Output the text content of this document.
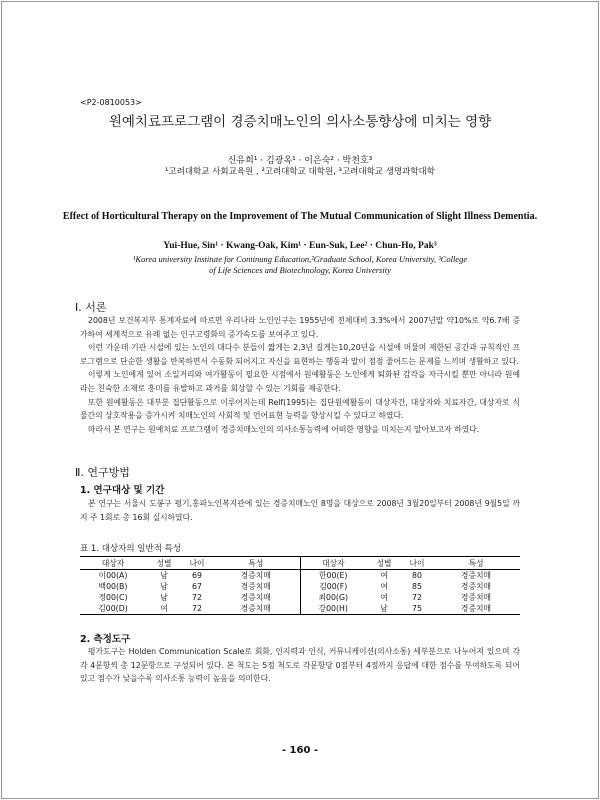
<P2-0810053>
원예치료프로그램이 경증치매노인의 의사소통향상에 미치는 영향
신유희¹ · 김광옥¹ · 이은숙² · 박천호³
¹고려대학교 사회교육원 , ²고려대학교 대학원, ³고려대학교 생명과학대학
Effect of Horticultural Therapy on the Improvement of The Mutual Communication of Slight Illness Dementia.
Yui-Hue, Sin¹ · Kwang-Oak, Kim¹ · Eun-Suk, Lee² · Chun-Ho, Pak³
¹Korea university Institute for Continung Education,²Graduate School, Korea University, ³College of Life Sciences and Biotechnology, Korea University
Ⅰ. 서론
2008년 보건복지부 통계자료에 따르면 우리나라 노인인구는 1955년에 전체대비 3.3%에서 2007년말 약10%로 약6.7배 증가하여 세계적으로 유례 없는 인구고령화의 증가속도를 보여주고 있다.
이런 가운데 기관 시설에 있는 노인의 대다수 분들이 짧게는 2,3년 길게는10,20년을 시설에 머물며 제한된 공간과 규칙적인 프로그램으로 단순한 생활을 반복하면서 수동화 되어지고 자신을 표현하는 행동과 말이 점점 줄어드는 문제를 느끼며 생활하고 있다.
이렇게 노인에게 있어 소일거리와 여가활동이 필요한 시점에서 원예활동은 노인에게 퇴화된 감각을 자극시킬 뿐만 아니라 원예라는 친숙한 소재로 흥미를 유발하고 과거를 회상할 수 있는 기회를 제공한다.
또한 원예활동은 대부분 집단활동으로 이루어지는데 Relf(1995)는 집단원예활동이 대상자간, 대상자와 치료자간, 대상자로 식물간의 상호작용을 증가시켜 치매노인의 사회적 및 언어표현 능력을 향상시킬 수 있다고 하였다.
따라서 본 연구는 원예치료 프로그램이 경증치매노인의 의사소통능력에 어떠한 영향을 미치는지 알아보고자 하였다.
Ⅱ. 연구방법
1. 연구대상 및 기간
본 연구는 서울시 도봉구 평기,홍파노인복지관에 있는 경증치매노인 8명을 대상으로 2008년 3월20일부터 2008년 9월5일 까지 주 1회로 총 16회 실시하였다.
표 1. 대상자의 일반적 특성
대상자	성별	나이	특성	대상자	성별	나이	특성
이00(A)	남	69	경증치매	한00(E)	여	80	경증치매
백00(B)	남	67	경증치매	김00(F)	여	85	경증치매
정00(C)	남	72	경증치매	최00(G)	여	72	경증치매
김00(D)	여	72	경증치매	강00(H)	남	75	경증치매
2. 측정도구
평가도구는 Holden Communication Scale로 회화, 인지력과 인식, 커뮤니케이션(의사소통) 세부분으로 나누어져 있으며 각각 4문항씩 총 12문항으로 구성되어 있다. 본 척도는 5점 척도로 각문항당 0점부터 4점까지 응답에 대한 점수를 부여하도록 되어있고 점수가 낮을수록 의사소통 능력이 높음을 의미한다.
- 160 -
